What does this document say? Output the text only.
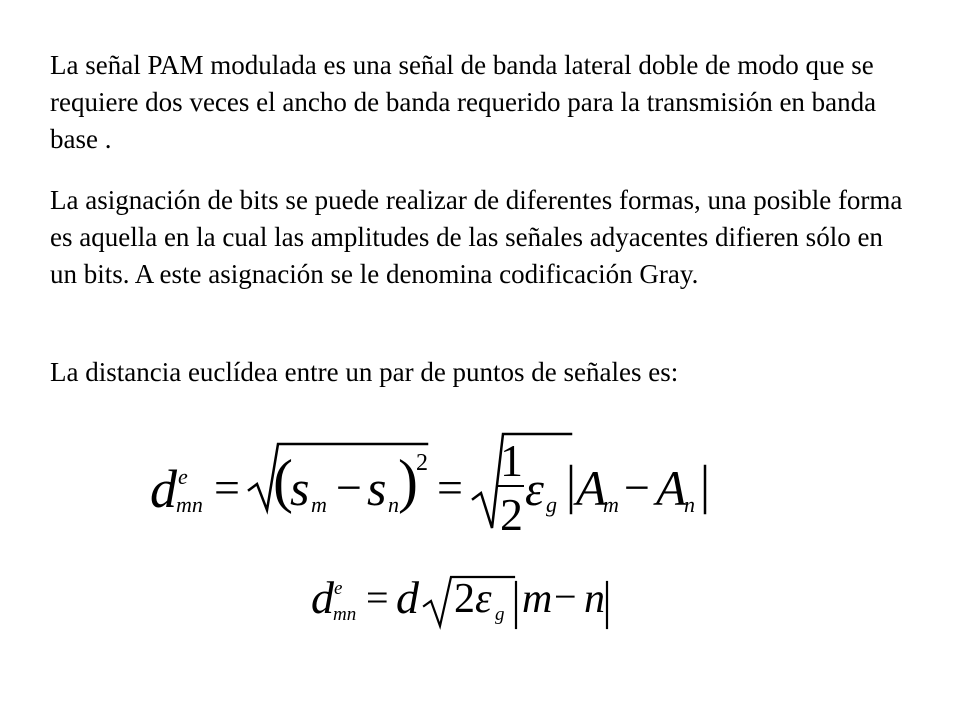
La señal PAM modulada es una señal de banda lateral doble de modo que se requiere dos veces el ancho de banda requerido para la transmisión en banda base .

La asignación de bits se puede realizar de diferentes formas, una posible forma es aquella en la cual las amplitudes de las señales adyacentes difieren sólo en un bits. A este asignación se le denomina codificación Gray.

La distancia euclídea entre un par de puntos de señales es:

d e
mn = (
s m − s n )
2 =
1
2 ε g A
m − A
n
d e
mn = d 2 ε g m − n
